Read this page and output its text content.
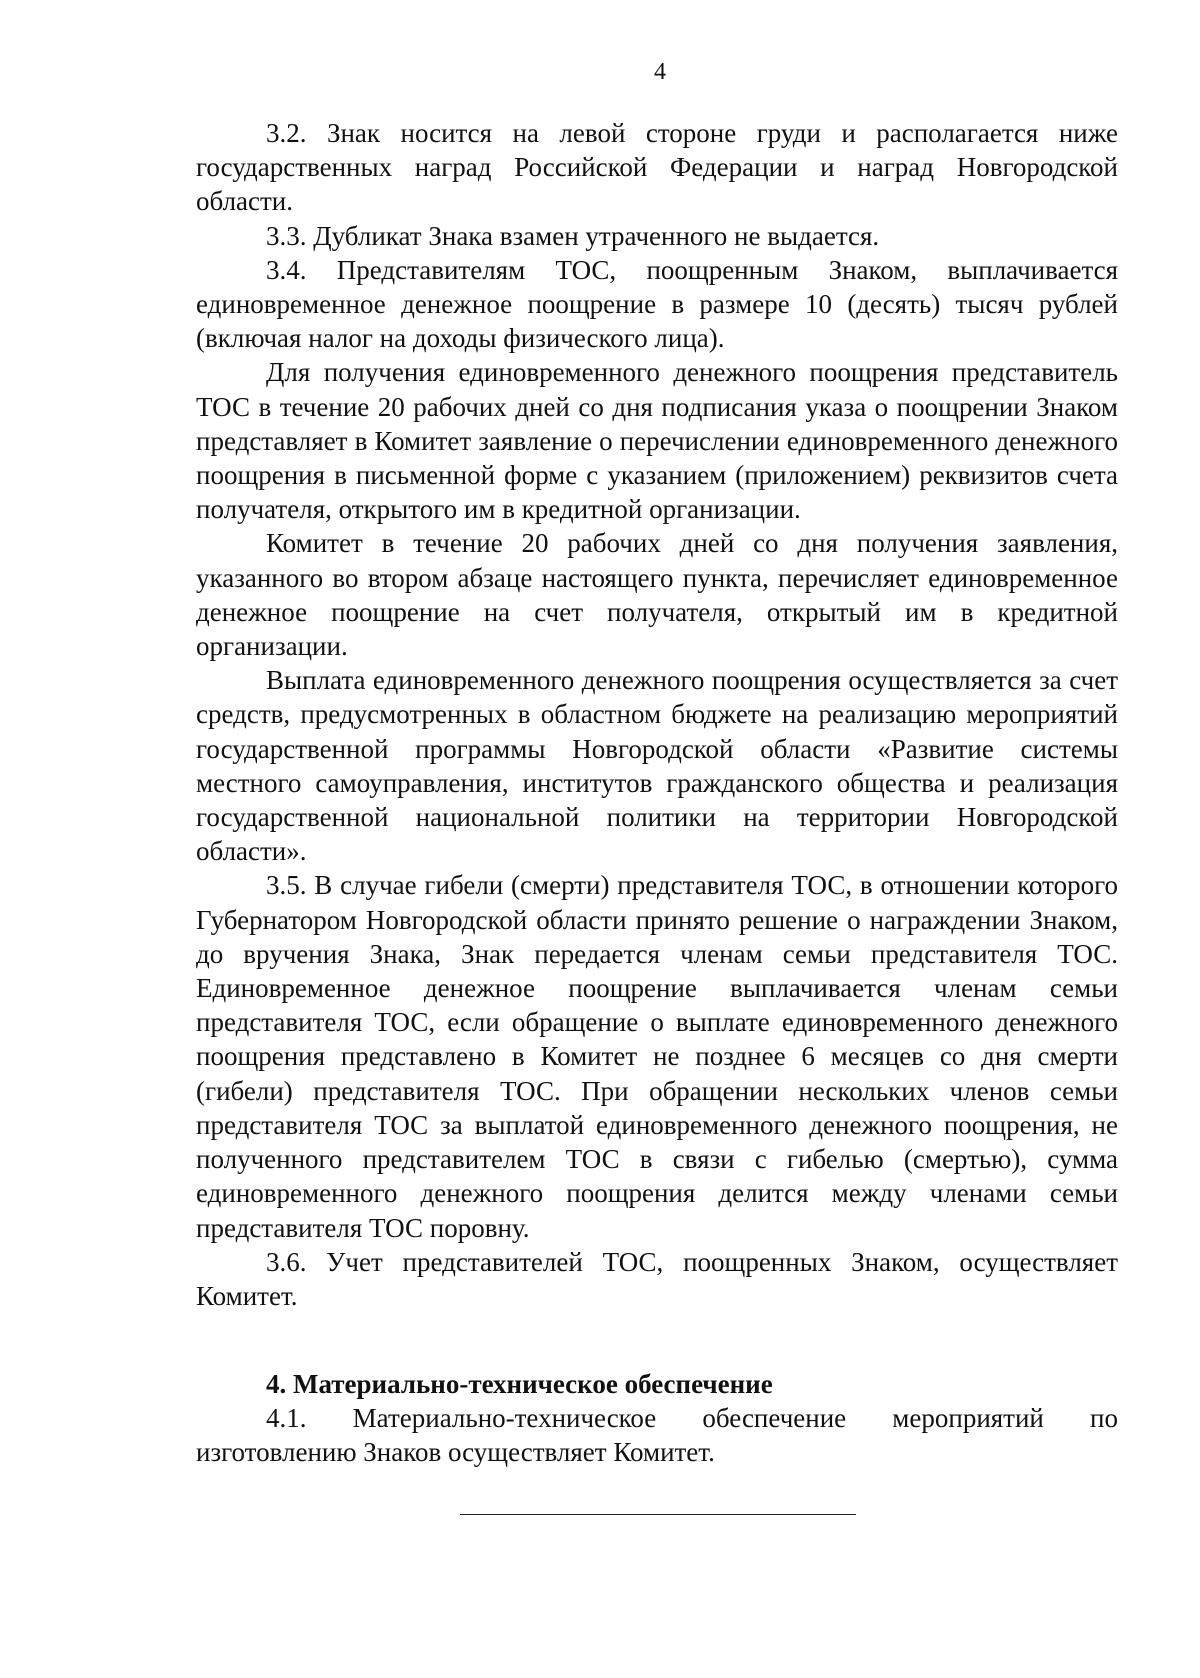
4

3.2. Знак носится на левой стороне груди и располагается ниже государственных наград Российской Федерации и наград Новгородской области.

3.3. Дубликат Знака взамен утраченного не выдается.

3.4. Представителям ТОС, поощренным Знаком, выплачивается единовременное денежное поощрение в размере 10 (десять) тысяч рублей (включая налог на доходы физического лица).

Для получения единовременного денежного поощрения представитель ТОС в течение 20 рабочих дней со дня подписания указа о поощрении Знаком представляет в Комитет заявление о перечислении единовременного денежного поощрения в письменной форме с указанием (приложением) реквизитов счета получателя, открытого им в кредитной организации.

Комитет в течение 20 рабочих дней со дня получения заявления, указанного во втором абзаце настоящего пункта, перечисляет единовременное денежное поощрение на счет получателя, открытый им в кредитной организации.

Выплата единовременного денежного поощрения осуществляется за счет средств, предусмотренных в областном бюджете на реализацию мероприятий государственной программы Новгородской области «Развитие системы местного самоуправления, институтов гражданского общества и реализация государственной национальной политики на территории Новгородской области».

3.5. В случае гибели (смерти) представителя ТОС, в отношении которого Губернатором Новгородской области принято решение о награждении Знаком, до вручения Знака, Знак передается членам семьи представителя ТОС. Единовременное денежное поощрение выплачивается членам семьи представителя ТОС, если обращение о выплате единовременного денежного поощрения представлено в Комитет не позднее 6 месяцев со дня смерти (гибели) представителя ТОС. При обращении нескольких членов семьи представителя ТОС за выплатой единовременного денежного поощрения, не полученного представителем ТОС в связи с гибелью (смертью), сумма единовременного денежного поощрения делится между членами семьи представителя ТОС поровну.

3.6. Учет представителей ТОС, поощренных Знаком, осуществляет Комитет.

4. Материально-техническое обеспечение

4.1. Материально-техническое обеспечение мероприятий по изготовлению Знаков осуществляет Комитет.
